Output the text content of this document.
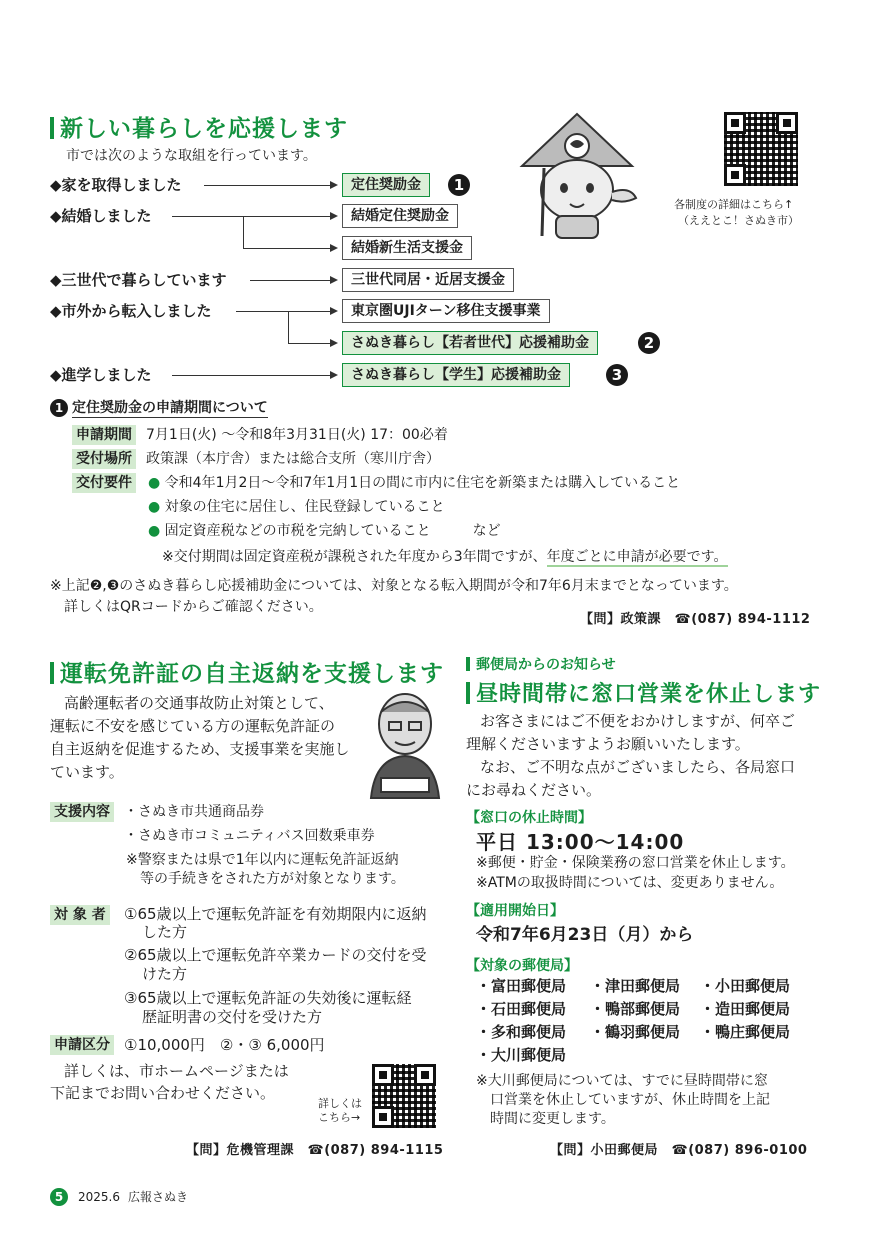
新しい暮らしを応援します
市では次のような取組を行っています。
各制度の詳細はこちら↑
（ええとこ！さぬき市）
◆家を取得しました	定住奨励金	1
◆結婚しました	結婚定住奨励金
結婚新生活支援金
◆三世代で暮らしています	三世代同居・近居支援金
◆市外から転入しました	東京圏UJIターン移住支援事業
さぬき暮らし【若者世代】応援補助金	2
◆進学しました	さぬき暮らし【学生】応援補助金	3
1 定住奨励金の申請期間について
申請期間 7月1日(火) ～令和8年3月31日(火) 17：00必着
受付場所 政策課（本庁舎）または総合支所（寒川庁舎）
交付要件 ● 令和4年1月2日～令和7年1月1日の間に市内に住宅を新築または購入していること
● 対象の住宅に居住し、住民登録していること
● 固定資産税などの市税を完納していること　　　など
※交付期間は固定資産税が課税された年度から3年間ですが、年度ごとに申請が必要です。
※上記❷,❸のさぬき暮らし応援補助金については、対象となる転入期間が令和7年6月末までとなっています。
詳しくはQRコードからご確認ください。
【問】政策課　☎(087) 894-1112
運転免許証の自主返納を支援します
高齢運転者の交通事故防止対策として、
運転に不安を感じている方の運転免許証の
自主返納を促進するため、支援事業を実施し
ています。
支援内容 ・さぬき市共通商品券
・さぬき市コミュニティバス回数乗車券
※警察または県で1年以内に運転免許証返納
等の手続きをされた方が対象となります。
対 象 者 ①65歳以上で運転免許証を有効期限内に返納
した方
②65歳以上で運転免許卒業カードの交付を受
けた方
③65歳以上で運転免許証の失効後に運転経
歴証明書の交付を受けた方
申請区分 ①10,000円　②・③ 6,000円
詳しくは、市ホームページまたは
下記までお問い合わせください。
詳しくは
こちら→
【問】危機管理課　☎(087) 894-1115
郵便局からのお知らせ
昼時間帯に窓口営業を休止します
お客さまにはご不便をおかけしますが、何卒ご
理解くださいますようお願いいたします。
なお、ご不明な点がございましたら、各局窓口
にお尋ねください。
【窓口の休止時間】
平日 13:00～14:00
※郵便・貯金・保険業務の窓口営業を休止します。
※ATMの取扱時間については、変更ありません。
【適用開始日】
令和7年6月23日（月）から
【対象の郵便局】
・富田郵便局 ・津田郵便局 ・小田郵便局
・石田郵便局 ・鴨部郵便局 ・造田郵便局
・多和郵便局 ・鶴羽郵便局 ・鴨庄郵便局
・大川郵便局
※大川郵便局については、すでに昼時間帯に窓
口営業を休止していますが、休止時間を上記
時間に変更します。
【問】小田郵便局　☎(087) 896-0100
5	2025.6 広報さぬき
